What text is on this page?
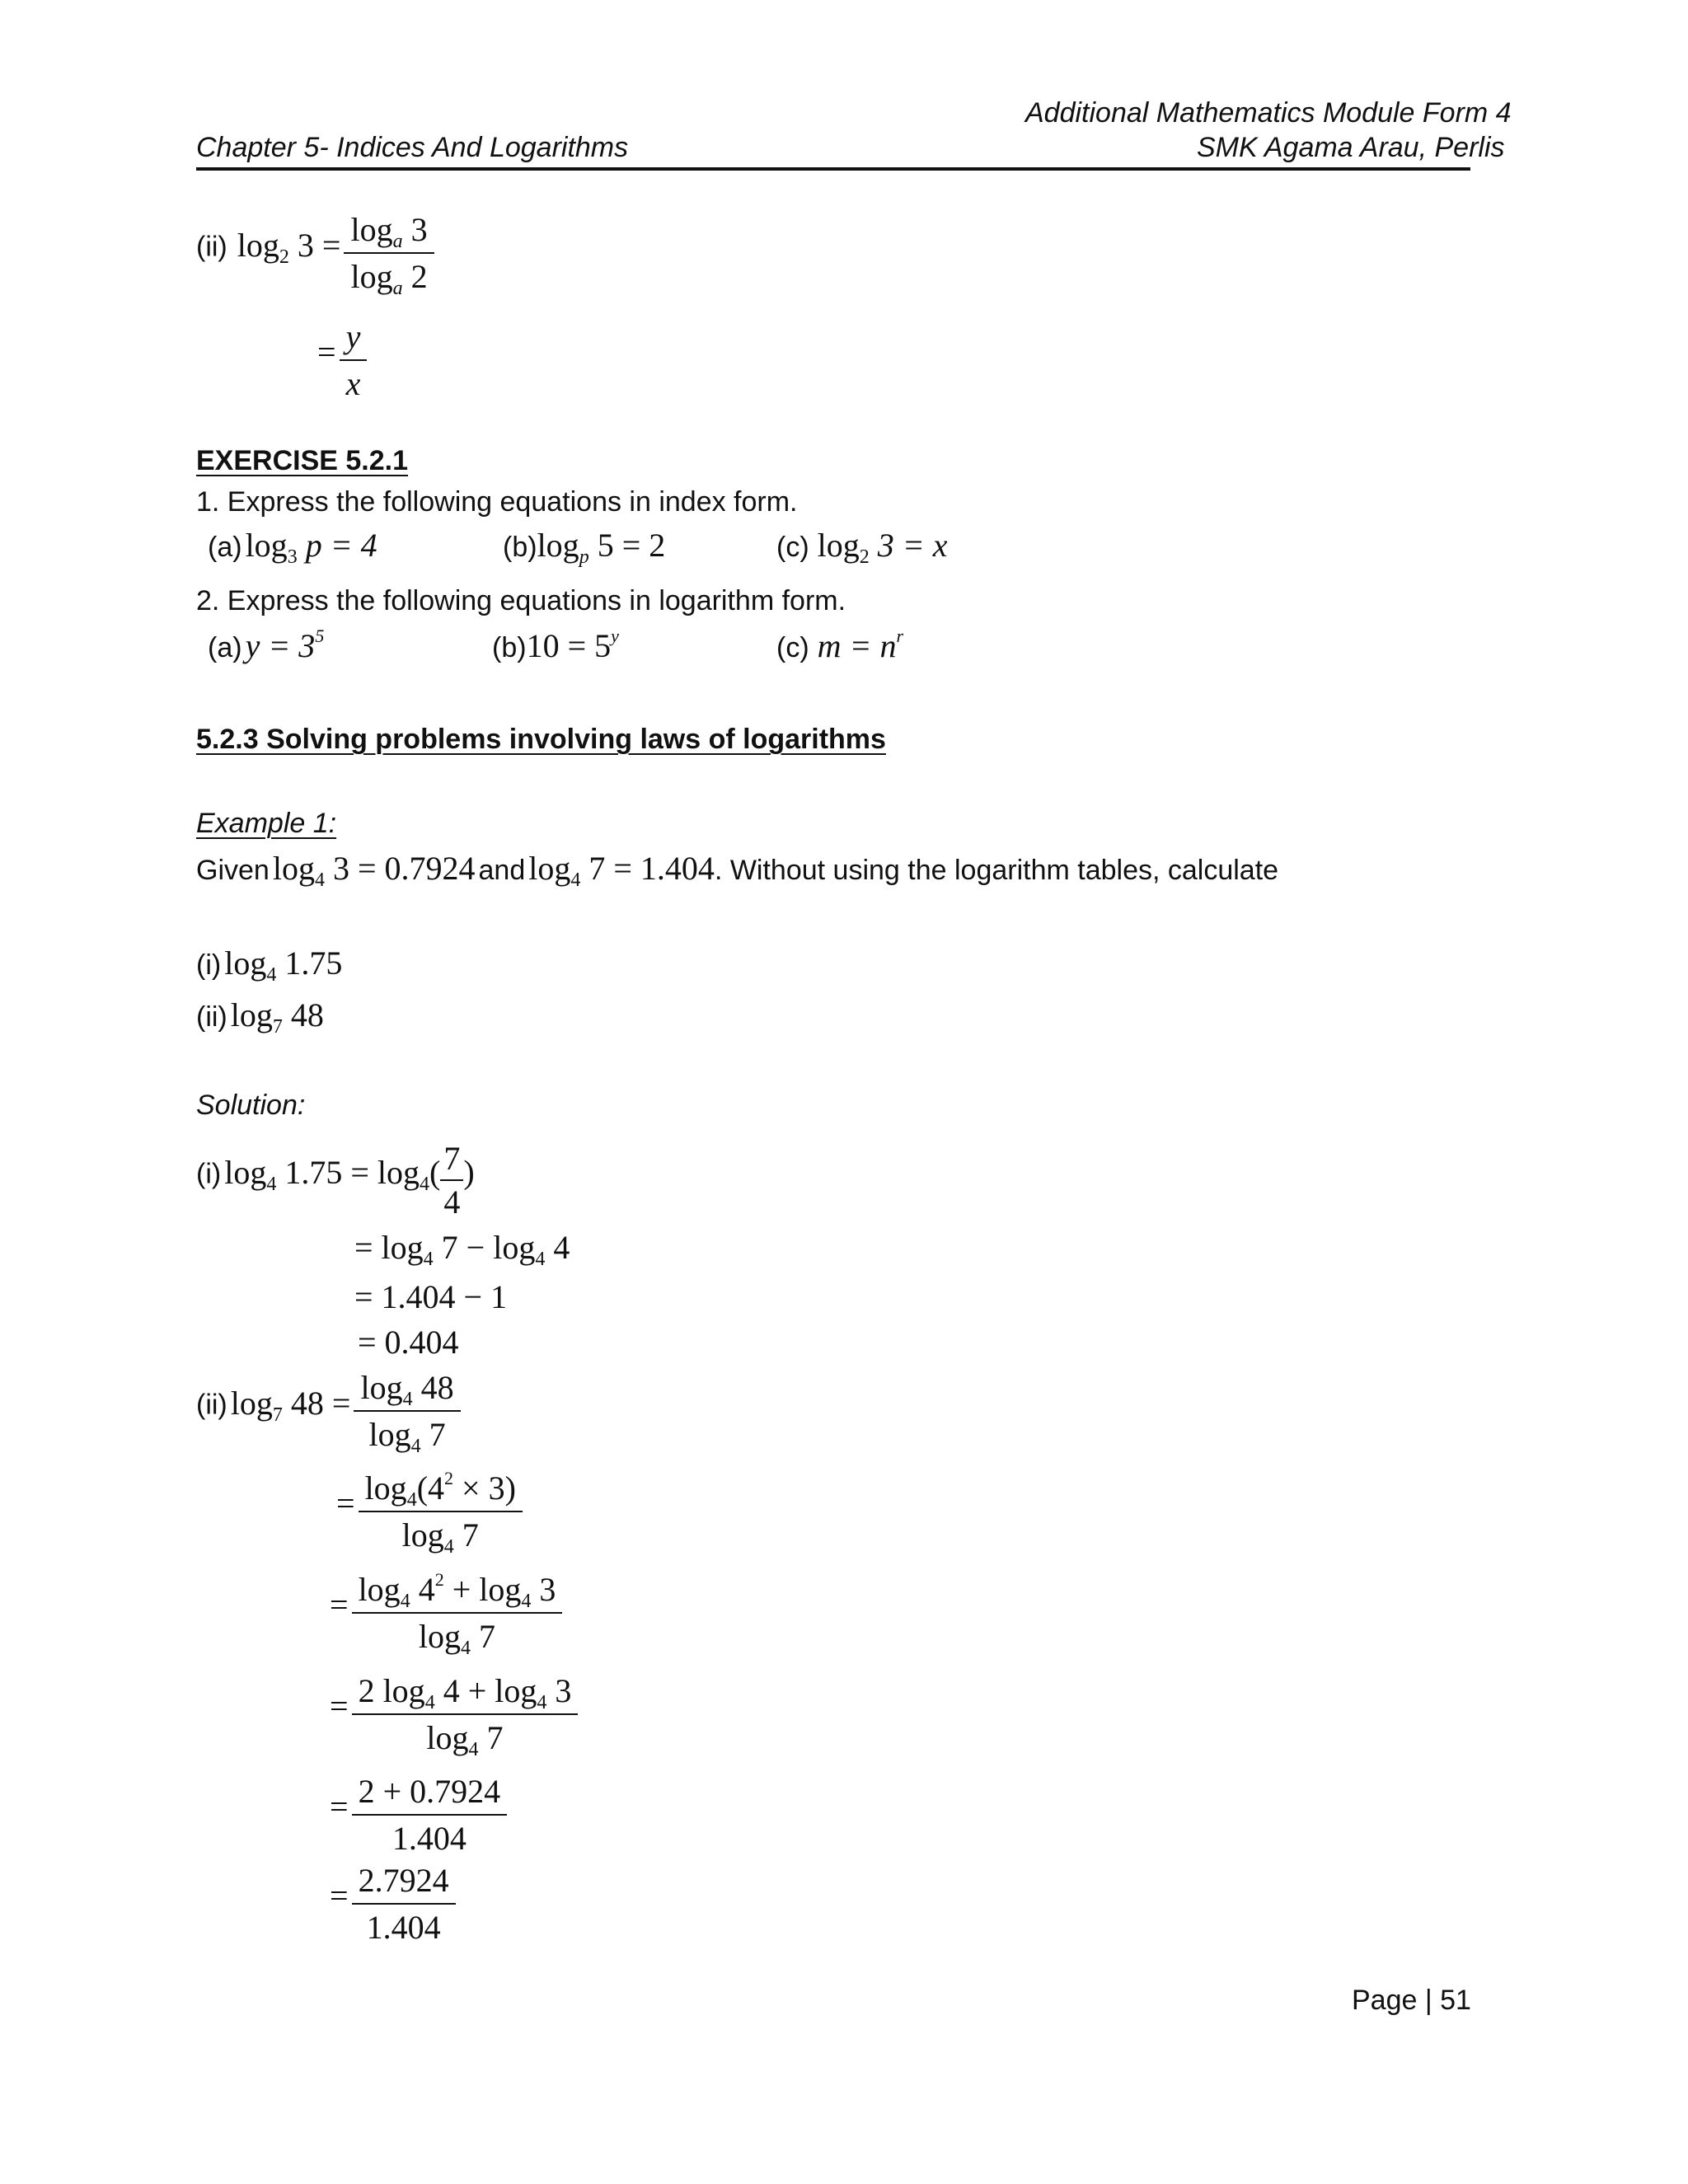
Additional Mathematics Module Form 4
Chapter 5- Indices And Logarithms	SMK Agama Arau, Perlis
(ii) $\log_2 3 = \frac{\log_a 3}{\log_a 2}$
= $\frac{y}{x}$
EXERCISE 5.2.1
1. Express the following equations in index form.
(a) $\log_3 p = 4$	$(b)\log_p$ 5 = 2	(c) $\log_2 3 = x$
2. Express the following equations in logarithm form.
(a) $y = 3^5$	$(b)10 = 5^y$	(c) $m = n^r$
5.2.3 Solving problems involving laws of logarithms
Example 1:
Given $\log_4 3 = 0.7924$ and $\log_4 7 = 1.404$. Without using the logarithm tables, calculate
(i) $\log_4 1.75$
(ii) $\log_7 48$
Solution:
(i) $\log_4 1.75 = \log_4( \frac{7}{4}$ )
= $\log_4 7 - \log_4 4$
= 1.404 − 1
= 0.404
(ii) $\log_7 48 = \frac{\log_4 48}{\log_4 7}$
= $\frac{\log_4(4^2 \times 3)}{\log_4 7}$
= $\frac{\log_4 4^2 + \log_4 3}{\log_4 7}$
= $\frac{2 \log_4 4 + \log_4 3}{\log_4 7}$
= $\frac{2 + 0.7924}{1.404}$
= $\frac{2.7924}{1.404}$
Page | 51
